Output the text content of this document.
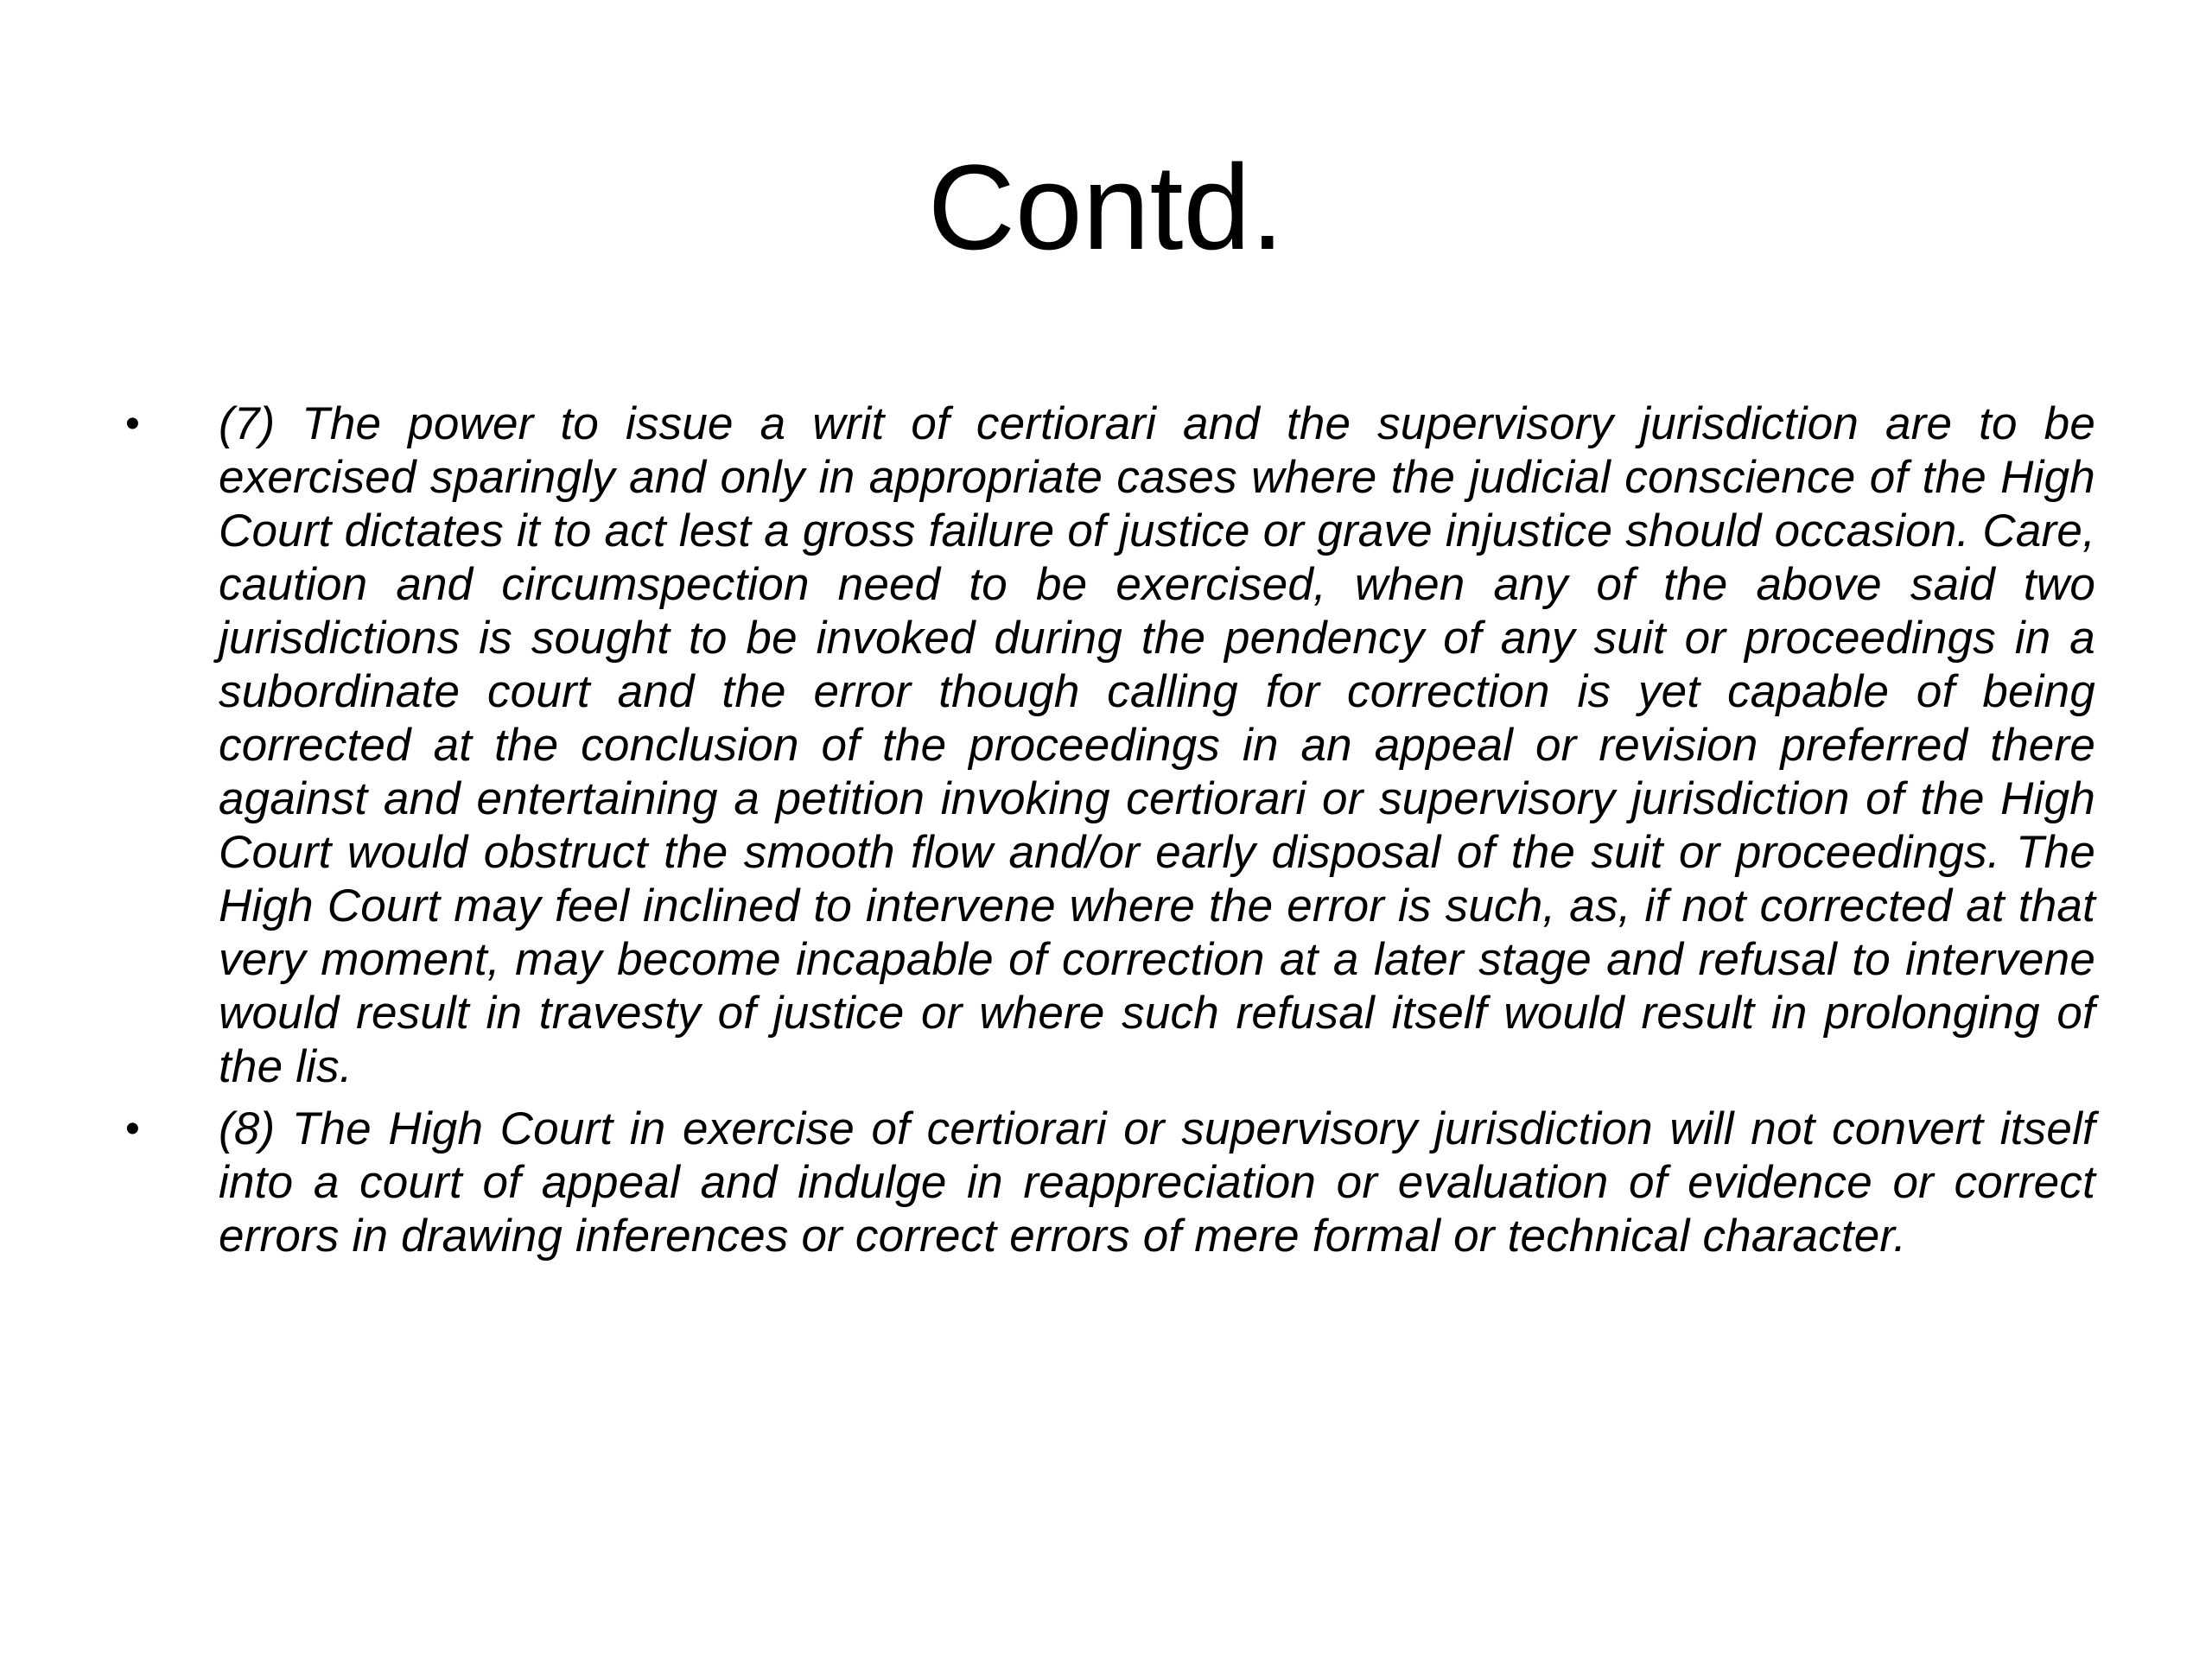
Contd.
•	(7) The power to issue a writ of certiorari and the supervisory jurisdiction are to be exercised sparingly and only in appropriate cases where the judicial conscience of the High Court dictates it to act lest a gross failure of justice or grave injustice should occasion. Care, caution and circumspection need to be exercised, when any of the above said two jurisdictions is sought to be invoked during the pendency of any suit or proceedings in a subordinate court and the error though calling for correction is yet capable of being corrected at the conclusion of the proceedings in an appeal or revision preferred there against and entertaining a petition invoking certiorari or supervisory jurisdiction of the High Court would obstruct the smooth flow and/or early disposal of the suit or proceedings. The High Court may feel inclined to intervene where the error is such, as, if not corrected at that very moment, may become incapable of correction at a later stage and refusal to intervene would result in travesty of justice or where such refusal itself would result in prolonging of the lis.
•	(8) The High Court in exercise of certiorari or supervisory jurisdiction will not convert itself into a court of appeal and indulge in reappreciation or evaluation of evidence or correct errors in drawing inferences or correct errors of mere formal or technical character.
